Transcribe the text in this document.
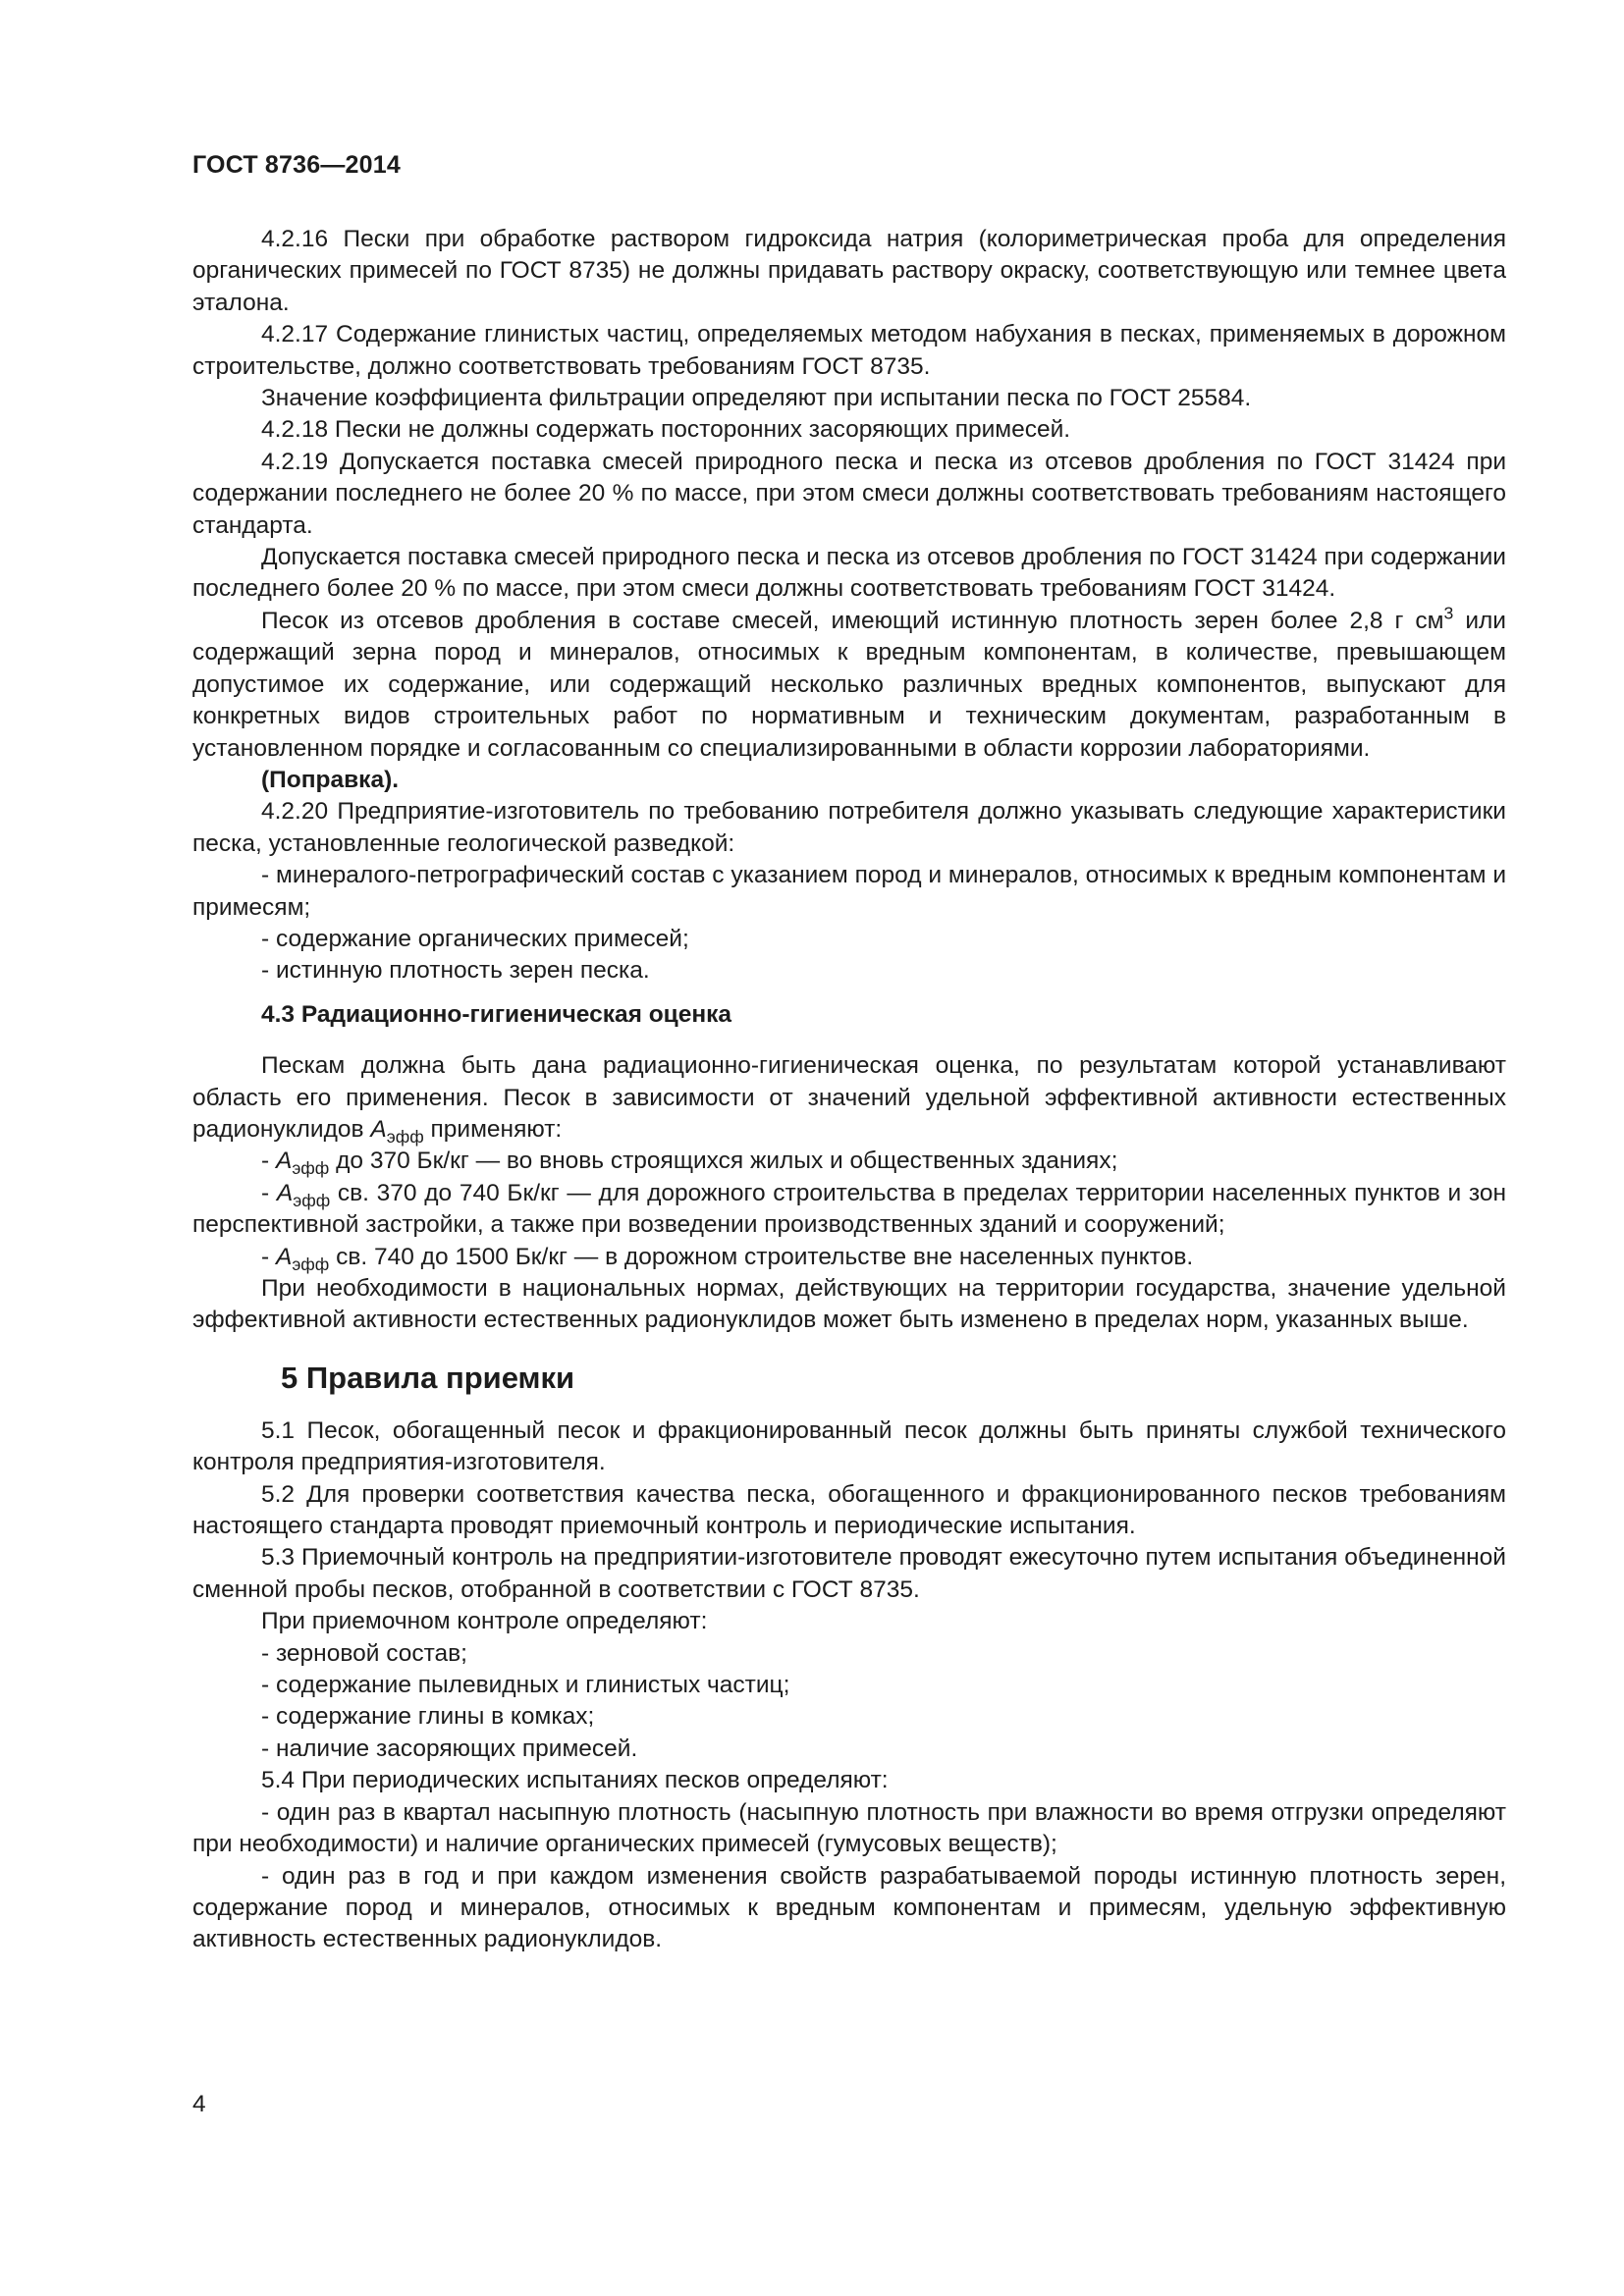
ГОСТ 8736—2014

4.2.16 Пески при обработке раствором гидроксида натрия (колориметрическая проба для определения органических примесей по ГОСТ 8735) не должны придавать раствору окраску, соответствующую или темнее цвета эталона.

4.2.17 Содержание глинистых частиц, определяемых методом набухания в песках, применяемых в дорожном строительстве, должно соответствовать требованиям ГОСТ 8735.

Значение коэффициента фильтрации определяют при испытании песка по ГОСТ 25584.

4.2.18 Пески не должны содержать посторонних засоряющих примесей.

4.2.19 Допускается поставка смесей природного песка и песка из отсевов дробления по ГОСТ 31424 при содержании последнего не более 20 % по массе, при этом смеси должны соответствовать требованиям настоящего стандарта.

Допускается поставка смесей природного песка и песка из отсевов дробления по ГОСТ 31424 при содержании последнего более 20 % по массе, при этом смеси должны соответствовать требованиям ГОСТ 31424.

Песок из отсевов дробления в составе смесей, имеющий истинную плотность зерен более 2,8 г $см^3$ или содержащий зерна пород и минералов, относимых к вредным компонентам, в количестве, превышающем допустимое их содержание, или содержащий несколько различных вредных компонентов, выпускают для конкретных видов строительных работ по нормативным и техническим документам, разработанным в установленном порядке и согласованным со специализированными в области коррозии лабораториями.

(Поправка).

4.2.20 Предприятие-изготовитель по требованию потребителя должно указывать следующие характеристики песка, установленные геологической разведкой:

- минералого-петрографический состав с указанием пород и минералов, относимых к вредным компонентам и примесям;

- содержание органических примесей;

- истинную плотность зерен песка.

4.3 Радиационно-гигиеническая оценка

Пескам должна быть дана радиационно-гигиеническая оценка, по результатам которой устанавливают область его применения. Песок в зависимости от значений удельной эффективной активности естественных радионуклидов $A_{эфф}$ применяют:

- $A_{эфф}$ до 370 Бк/кг — во вновь строящихся жилых и общественных зданиях;

- $A_{эфф}$ св. 370 до 740 Бк/кг — для дорожного строительства в пределах территории населенных пунктов и зон перспективной застройки, а также при возведении производственных зданий и сооружений;

- $A_{эфф}$ св. 740 до 1500 Бк/кг — в дорожном строительстве вне населенных пунктов.

При необходимости в национальных нормах, действующих на территории государства, значение удельной эффективной активности естественных радионуклидов может быть изменено в пределах норм, указанных выше.

5 Правила приемки

5.1 Песок, обогащенный песок и фракционированный песок должны быть приняты службой технического контроля предприятия-изготовителя.

5.2 Для проверки соответствия качества песка, обогащенного и фракционированного песков требованиям настоящего стандарта проводят приемочный контроль и периодические испытания.

5.3 Приемочный контроль на предприятии-изготовителе проводят ежесуточно путем испытания объединенной сменной пробы песков, отобранной в соответствии с ГОСТ 8735.

При приемочном контроле определяют:

- зерновой состав;

- содержание пылевидных и глинистых частиц;

- содержание глины в комках;

- наличие засоряющих примесей.

5.4 При периодических испытаниях песков определяют:

- один раз в квартал насыпную плотность (насыпную плотность при влажности во время отгрузки определяют при необходимости) и наличие органических примесей (гумусовых веществ);

- один раз в год и при каждом изменения свойств разрабатываемой породы истинную плотность зерен, содержание пород и минералов, относимых к вредным компонентам и примесям, удельную эффективную активность естественных радионуклидов.

4
